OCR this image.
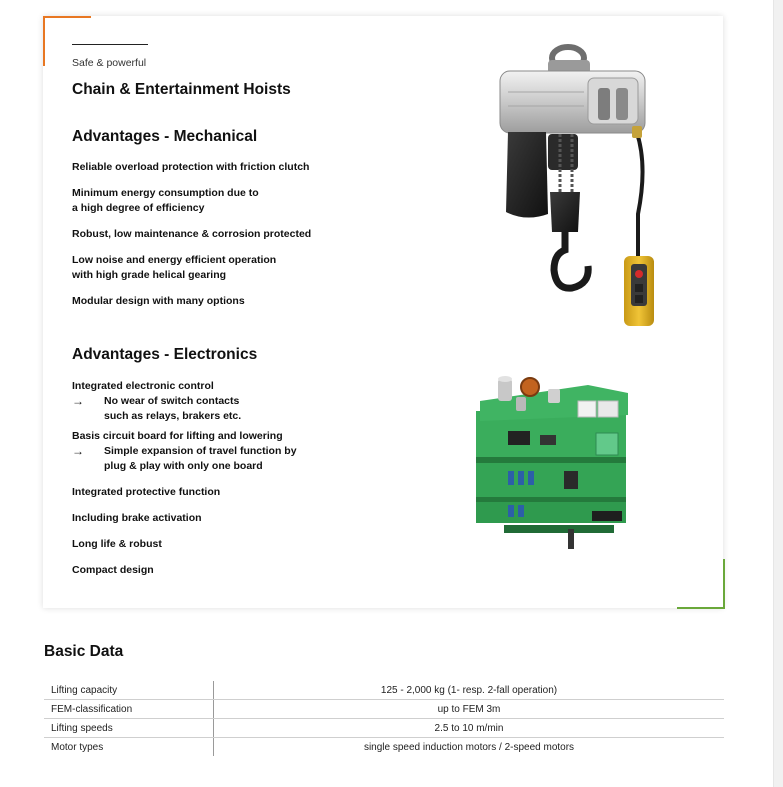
Safe & powerful
Chain & Entertainment Hoists
Advantages - Mechanical
Reliable overload protection with friction clutch
Minimum energy consumption due to
a high degree of efficiency
Robust, low maintenance & corrosion protected
Low noise and energy efficient operation
with high grade helical gearing
Modular design with many options
Advantages - Electronics
Integrated electronic control
→ No wear of switch contacts
such as relays, brakers etc.
Basis circuit board for lifting and lowering
→ Simple expansion of travel function by
plug & play with only one board
Integrated protective function
Including brake activation
Long life & robust
Compact design
Basic Data
Lifting capacity	125 - 2,000 kg (1- resp. 2-fall operation)
FEM-classification	up to FEM 3m
Lifting speeds	2.5 to 10 m/min
Motor types	single speed induction motors / 2-speed motors
